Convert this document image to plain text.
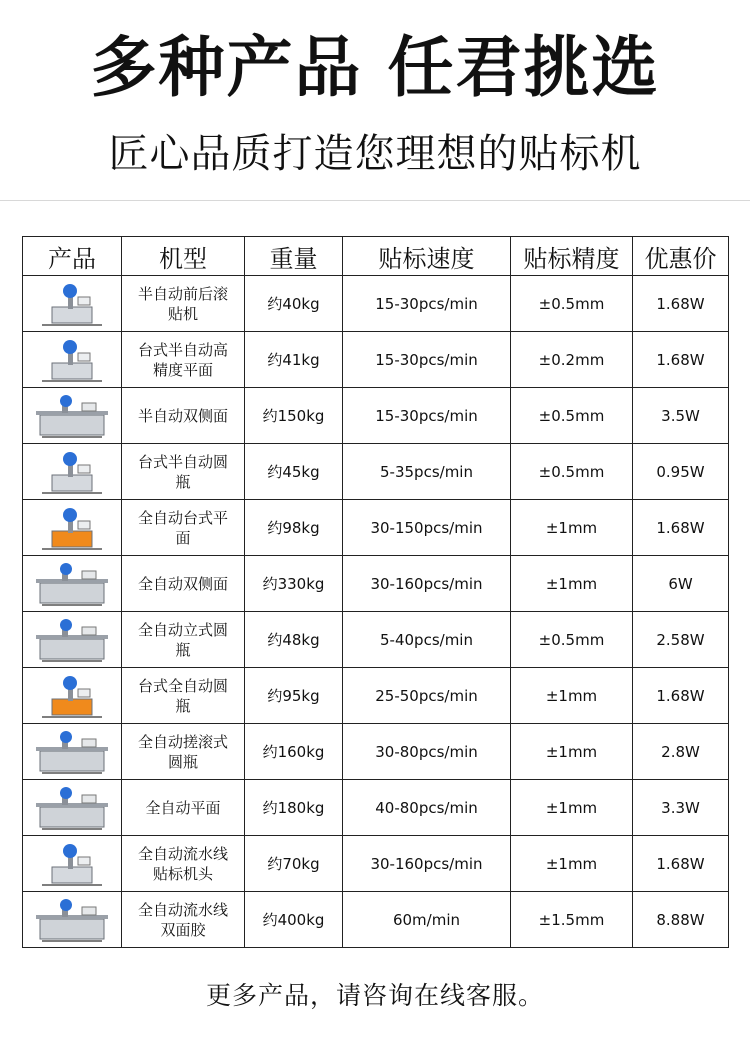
多种产品 任君挑选
匠心品质打造您理想的贴标机
产品	机型	重量	贴标速度	贴标精度	优惠价

	半自动前后滚贴机	约40kg	15-30pcs/min	±0.5mm	1.68W

	台式半自动高精度平面	约41kg	15-30pcs/min	±0.2mm	1.68W

	半自动双侧面	约150kg	15-30pcs/min	±0.5mm	3.5W

	台式半自动圆瓶	约45kg	5-35pcs/min	±0.5mm	0.95W

	全自动台式平面	约98kg	30-150pcs/min	±1mm	1.68W

	全自动双侧面	约330kg	30-160pcs/min	±1mm	6W

	全自动立式圆瓶	约48kg	5-40pcs/min	±0.5mm	2.58W

	台式全自动圆瓶	约95kg	25-50pcs/min	±1mm	1.68W

	全自动搓滚式圆瓶	约160kg	30-80pcs/min	±1mm	2.8W

	全自动平面	约180kg	40-80pcs/min	±1mm	3.3W

	全自动流水线贴标机头	约70kg	30-160pcs/min	±1mm	1.68W

	全自动流水线双面胶	约400kg	60m/min	±1.5mm	8.88W
更多产品，请咨询在线客服。
